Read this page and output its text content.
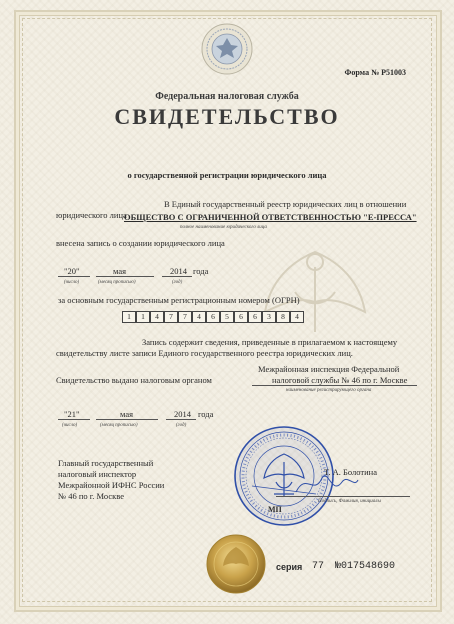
Форма № Р51003
Федеральная налоговая служба
СВИДЕТЕЛЬСТВО
о государственной регистрации юридического лица
В Единый государственный реестр юридических лиц в отношении
юридического лица
ОБЩЕСТВО С ОГРАНИЧЕННОЙ ОТВЕТСТВЕННОСТЬЮ "Е-ПРЕССА"
полное наименование юридического лица
внесена запись о создании юридического лица
"20"	мая	2014 года
(число)	(месяц прописью)	(год)
за основным государственным регистрационным номером (ОГРН)
1	1	4	7	7	4	6	5	6	6	3	8	4
Запись содержит сведения, приведенные в прилагаемом к настоящему
свидетельству листе записи Единого государственного реестра юридических лиц.
Свидетельство выдано налоговым органом
Межрайонная инспекция Федеральной
налоговой службы № 46 по г. Москве
наименование регистрирующего органа
"21"	мая	2014 года
(число)	(месяц прописью)	(год)
Главный государственный
налоговый инспектор
Межрайонной ИФНС России
№ 46 по г. Москве
Т. А. Болотина
Подпись, Фамилия, инициалы
МП
серия 77 №017548690
